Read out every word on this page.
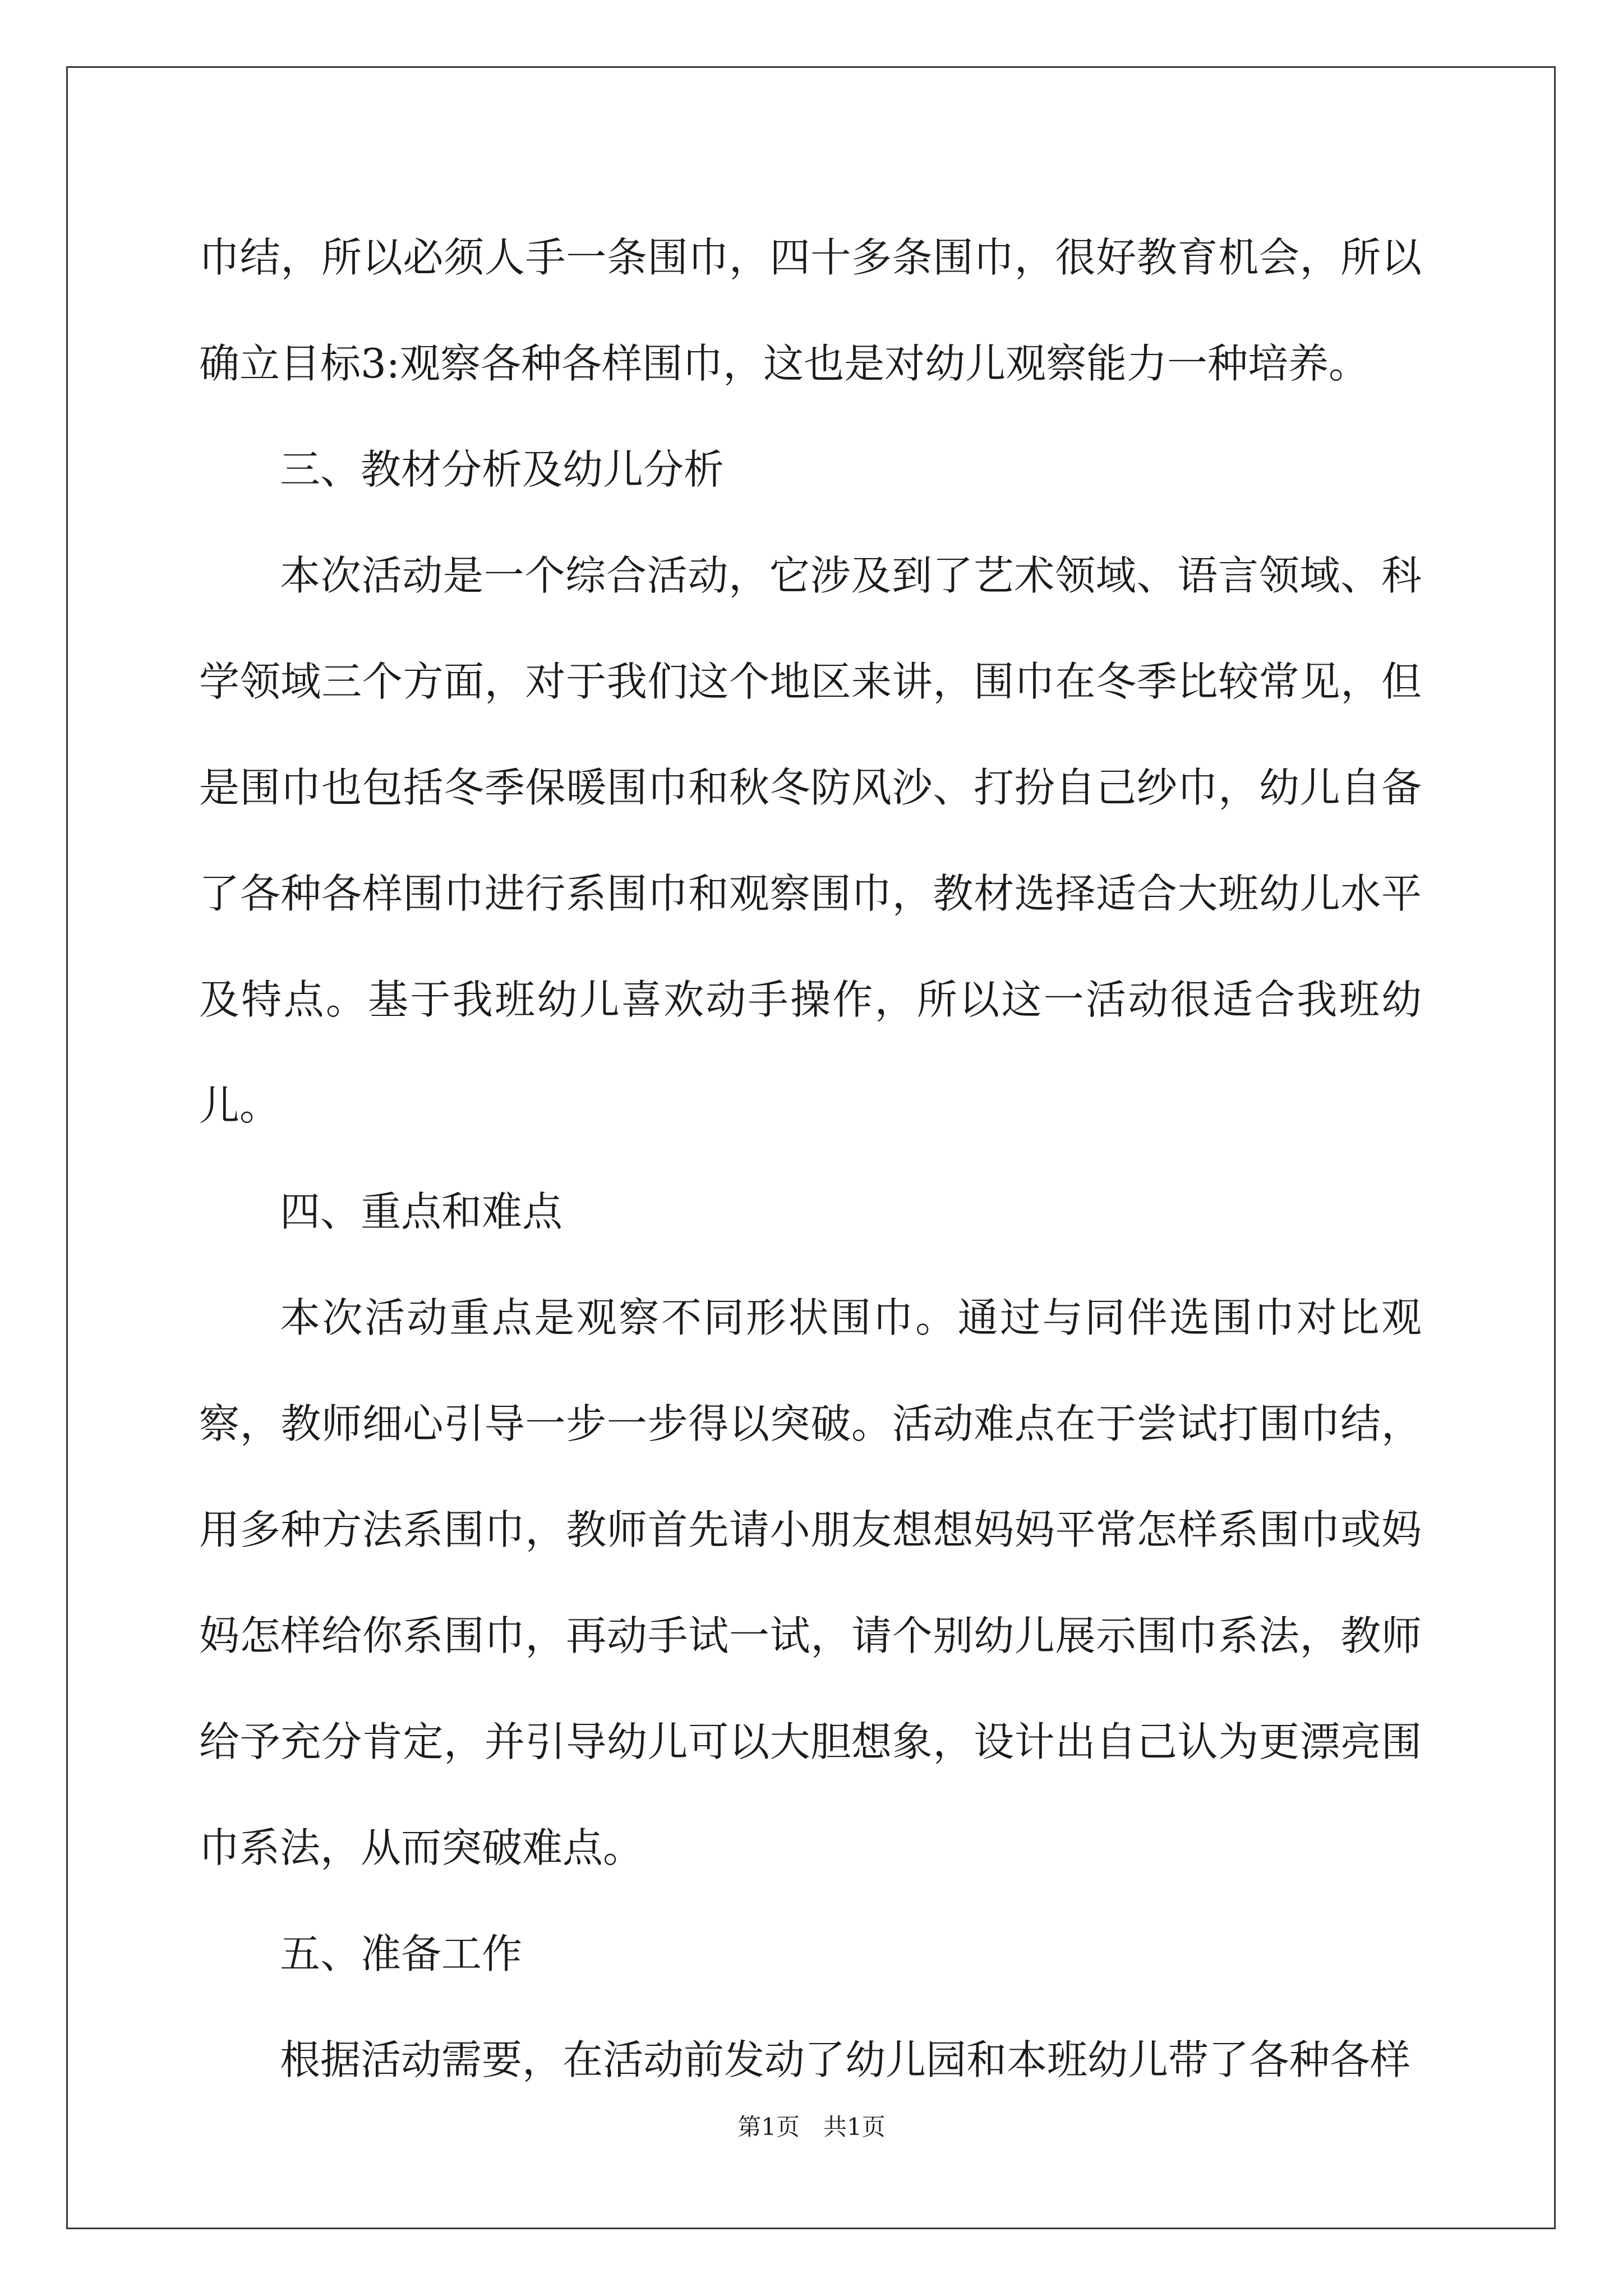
巾结，所以必须人手一条围巾，四十多条围巾，很好教育机会，所以确立目标3:观察各种各样围巾，这也是对幼儿观察能力一种培养。

三、教材分析及幼儿分析

本次活动是一个综合活动，它涉及到了艺术领域、语言领域、科学领域三个方面，对于我们这个地区来讲，围巾在冬季比较常见，但是围巾也包括冬季保暖围巾和秋冬防风沙、打扮自己纱巾，幼儿自备了各种各样围巾进行系围巾和观察围巾，教材选择适合大班幼儿水平及特点。基于我班幼儿喜欢动手操作，所以这一活动很适合我班幼儿。

四、重点和难点

本次活动重点是观察不同形状围巾。通过与同伴选围巾对比观察，教师细心引导一步一步得以突破。活动难点在于尝试打围巾结，用多种方法系围巾，教师首先请小朋友想想妈妈平常怎样系围巾或妈妈怎样给你系围巾，再动手试一试，请个别幼儿展示围巾系法，教师给予充分肯定，并引导幼儿可以大胆想象，设计出自己认为更漂亮围巾系法，从而突破难点。

五、准备工作

根据活动需要，在活动前发动了幼儿园和本班幼儿带了各种各样

第1页　共1页
